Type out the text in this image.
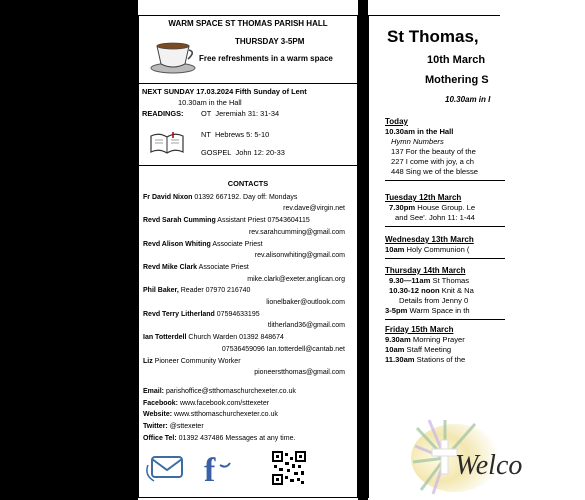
WARM SPACE ST THOMAS PARISH HALL
THURSDAY 3-5PM
Free refreshments in a warm space
NEXT SUNDAY 17.03.2024 Fifth Sunday of Lent
10.30am in the Hall
READINGS: OT Jeremiah 31: 31-34
NT Hebrews 5: 5-10
GOSPEL John 12: 20-33
CONTACTS
Fr David Nixon 01392 667192. Day off: Mondays
rev.dave@virgin.net
Revd Sarah Cumming Assistant Priest 07543604115
rev.sarahcumming@gmail.com
Revd Alison Whiting Associate Priest
rev.alisonwhiting@gmail.com
Revd Mike Clark Associate Priest
mike.clark@exeter.anglican.org
Phil Baker, Reader 07970 216740
lionelbaker@outlook.com
Revd Terry Litherland 07594633195
tlitherland36@gmail.com
Ian Totterdell Church Warden 01392 848674
07536459096 Ian.totterdell@cantab.net
Liz Pioneer Community Worker
pioneerstthomas@gmail.com
Email: parishoffice@stthomaschurchexeter.co.uk
Facebook: www.facebook.com/sttexeter
Website: www.stthomaschurchexeter.co.uk
Twitter: @sttexeter
Office Tel: 01392 437486 Messages at any time.
f
St Thomas,
10th March
Mothering S
10.30am in I
Today
10.30am in the Hall
Hymn Numbers
137 For the beauty of the
227 I come with joy, a ch
448 Sing we of the blesse
Tuesday 12th March
7.30pm House Group. Le
and See'. John 11: 1-44
Wednesday 13th March
10am Holy Communion (
Thursday 14th March
9.30—11am St Thomas
10.30-12 noon Knit & Na
Details from Jenny 0
3-5pm Warm Space in th
Friday 15th March
9.30am Morning Prayer
10am Staff Meeting
11.30am Stations of the
Welco
